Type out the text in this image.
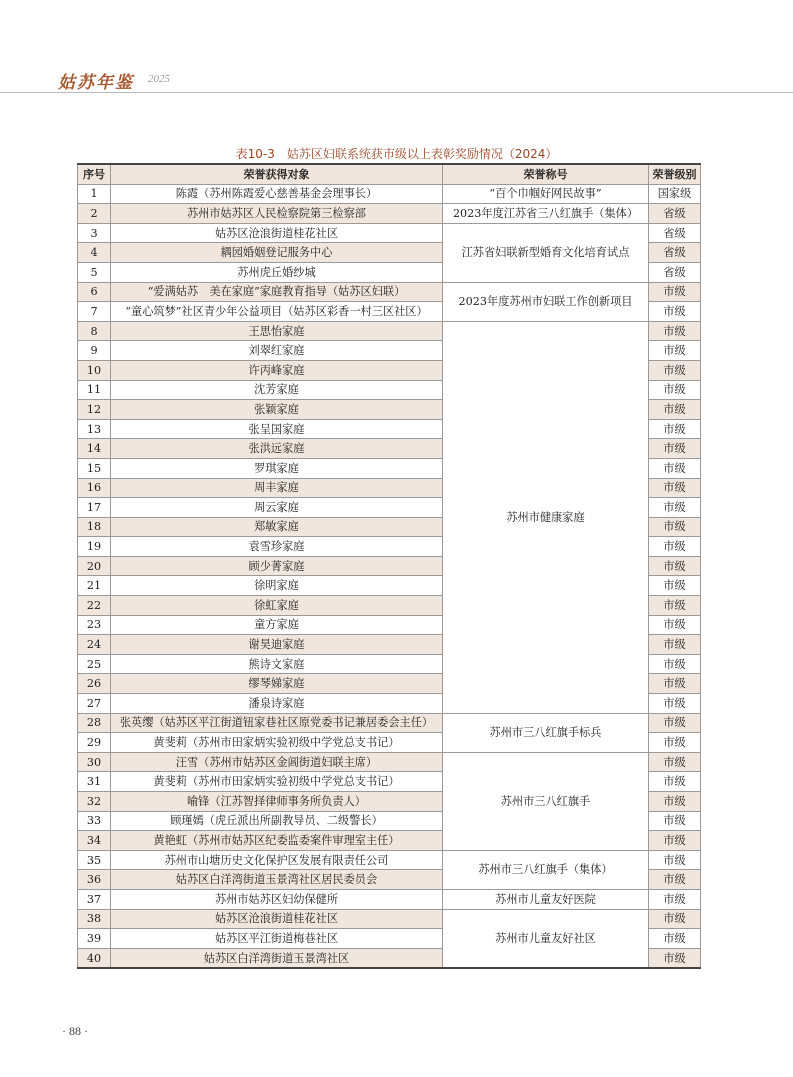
姑苏年鉴 2025
表10-3　姑苏区妇联系统获市级以上表彰奖励情况（2024）
序号	荣誉获得对象	荣誉称号	荣誉级别
1	陈霞（苏州陈霞爱心慈善基金会理事长）	“百个巾帼好网民故事”	国家级
2	苏州市姑苏区人民检察院第三检察部	2023年度江苏省三八红旗手（集体）	省级
3	姑苏区沧浪街道桂花社区	江苏省妇联新型婚育文化培育试点	省级
4	耦园婚姻登记服务中心		省级
5	苏州虎丘婚纱城		省级
6	“爱满姑苏　美在家庭”家庭教育指导（姑苏区妇联）	2023年度苏州市妇联工作创新项目	市级
7	“童心筑梦”社区青少年公益项目（姑苏区彩香一村三区社区）		市级
8	王思怡家庭	苏州市健康家庭	市级
9	刘翠红家庭		市级
10	许丙峰家庭		市级
11	沈芳家庭		市级
12	张颖家庭		市级
13	张呈国家庭		市级
14	张洪远家庭		市级
15	罗琪家庭		市级
16	周丰家庭		市级
17	周云家庭		市级
18	郑敏家庭		市级
19	袁雪珍家庭		市级
20	顾少菁家庭		市级
21	徐明家庭		市级
22	徐虹家庭		市级
23	童方家庭		市级
24	谢昊迪家庭		市级
25	熊诗文家庭		市级
26	缪琴娣家庭		市级
27	潘泉诗家庭		市级
28	张英缨（姑苏区平江街道钮家巷社区原党委书记兼居委会主任）	苏州市三八红旗手标兵	市级
29	黄斐莉（苏州市田家炳实验初级中学党总支书记）		市级
30	汪雪（苏州市姑苏区金阊街道妇联主席）	苏州市三八红旗手	市级
31	黄斐莉（苏州市田家炳实验初级中学党总支书记）		市级
32	喻锋（江苏智择律师事务所负责人）		市级
33	顾瑾嫣（虎丘派出所副教导员、二级警长）		市级
34	黄艳虹（苏州市姑苏区纪委监委案件审理室主任）		市级
35	苏州市山塘历史文化保护区发展有限责任公司	苏州市三八红旗手（集体）	市级
36	姑苏区白洋湾街道玉景湾社区居民委员会		市级
37	苏州市姑苏区妇幼保健所	苏州市儿童友好医院	市级
38	姑苏区沧浪街道桂花社区	苏州市儿童友好社区	市级
39	姑苏区平江街道梅巷社区		市级
40	姑苏区白洋湾街道玉景湾社区		市级
· 88 ·
